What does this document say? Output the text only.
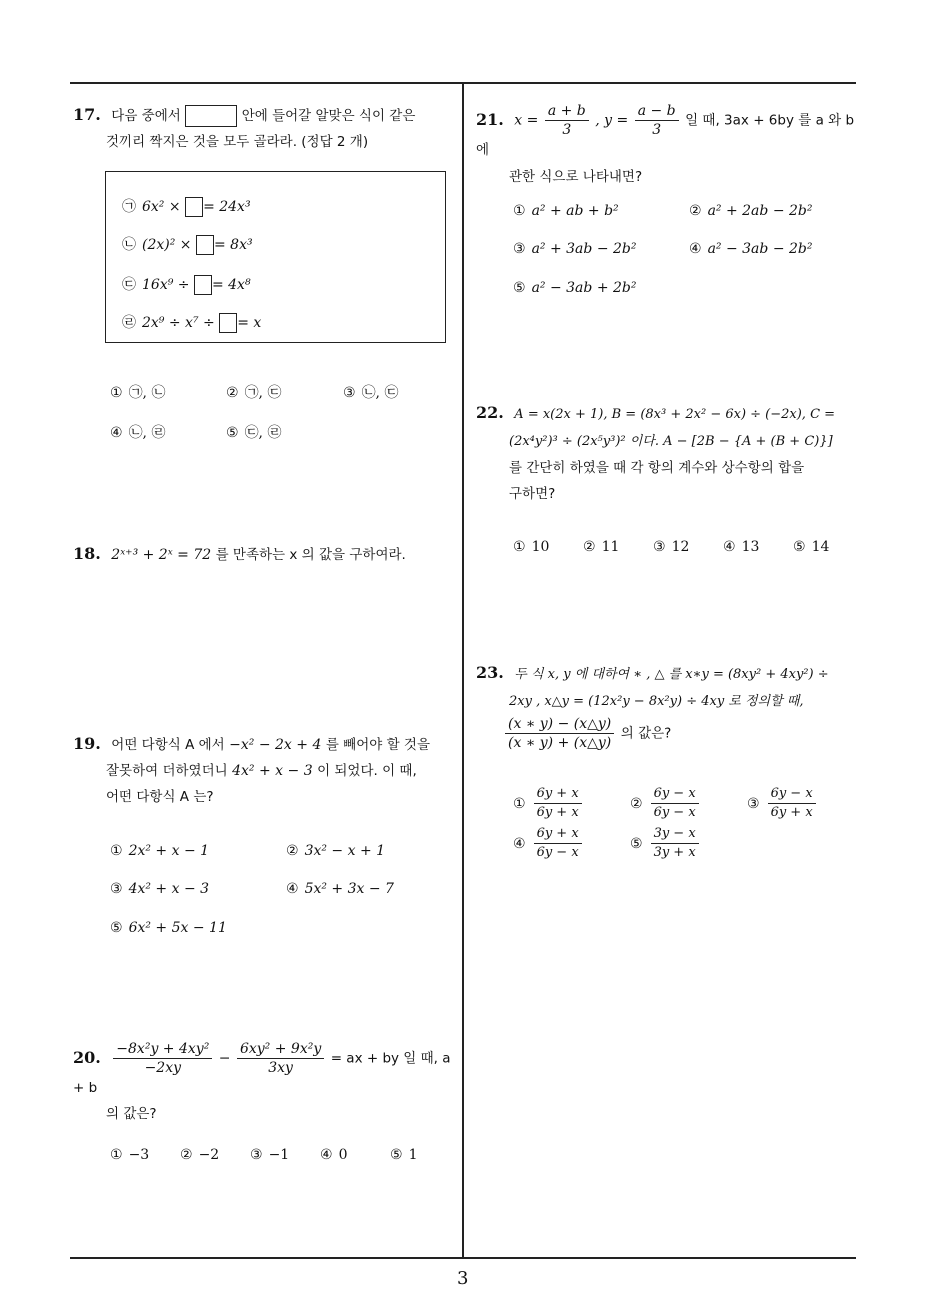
17. 다음 중에서	안에 들어갈 알맞은 식이 같은
것끼리 짝지은 것을 모두 골라라. (정답 2 개)
㉠ 6x² × = 24x³
㉡ (2x)² × = 8x³
㉢ 16x⁹ ÷ = 4x⁸
㉣ 2x⁹ ÷ x⁷ ÷ = x
① ㉠, ㉡	② ㉠, ㉢	③ ㉡, ㉢
④ ㉡, ㉣	⑤ ㉢, ㉣
18. 2ˣ⁺³ + 2ˣ = 72 를 만족하는 x 의 값을 구하여라.
19. 어떤 다항식 A 에서 −x² − 2x + 4 를 빼어야 할 것을
잘못하여 더하였더니 4x² + x − 3 이 되었다. 이 때,
어떤 다항식 A 는?
① 2x² + x − 1	② 3x² − x + 1
③ 4x² + x − 3	④ 5x² + 3x − 7
⑤ 6x² + 5x − 11
20. $\frac{\text{−8x²y + 4xy²}}{-2xy} - \frac{\text{6xy² + 9x²y}}{3xy}$ = ax + by 일 때, a + b
의 값은?
① −3 ② −2 ③ −1 ④ 0	⑤ 1
21. $x = \frac{a + b}{3}$ , $y = \frac{a - b}{3}$ 일 때, 3ax + 6by 를 a 와 b 에
관한 식으로 나타내면?
① a² + ab + b²	② a² + 2ab − 2b²
③ a² + 3ab − 2b²	④ a² − 3ab − 2b²
⑤ a² − 3ab + 2b²
22. A = x(2x + 1), B = (8x³ + 2x² − 6x) ÷ (−2x), C =
(2x⁴y²)³ ÷ (2x⁵y³)² 이다. A − [2B − {A + (B + C)}]
를 간단히 하였을 때 각 항의 계수와 상수항의 합을
구하면?
① 10 ② 11 ③ 12 ④ 13 ⑤ 14
23. 두 식 x, y 에 대하여 ∗ , △ 를 x∗y = (8xy² + 4xy²) ÷
2xy , x△y = (12x²y − 8x²y) ÷ 4xy 로 정의할 때,

$\frac{(x ∗ y) - (x\triangle y)}{(x ∗ y) + (x\triangle y)}$ 의 값은?
① $\frac{6y + x}{6y + x}$	② $\frac{6y - x}{6y - x}$	③ $\frac{6y - x}{6y + x}$
④ $\frac{6y + x}{6y - x}$	⑤ $\frac{3y - x}{3y + x}$
3
